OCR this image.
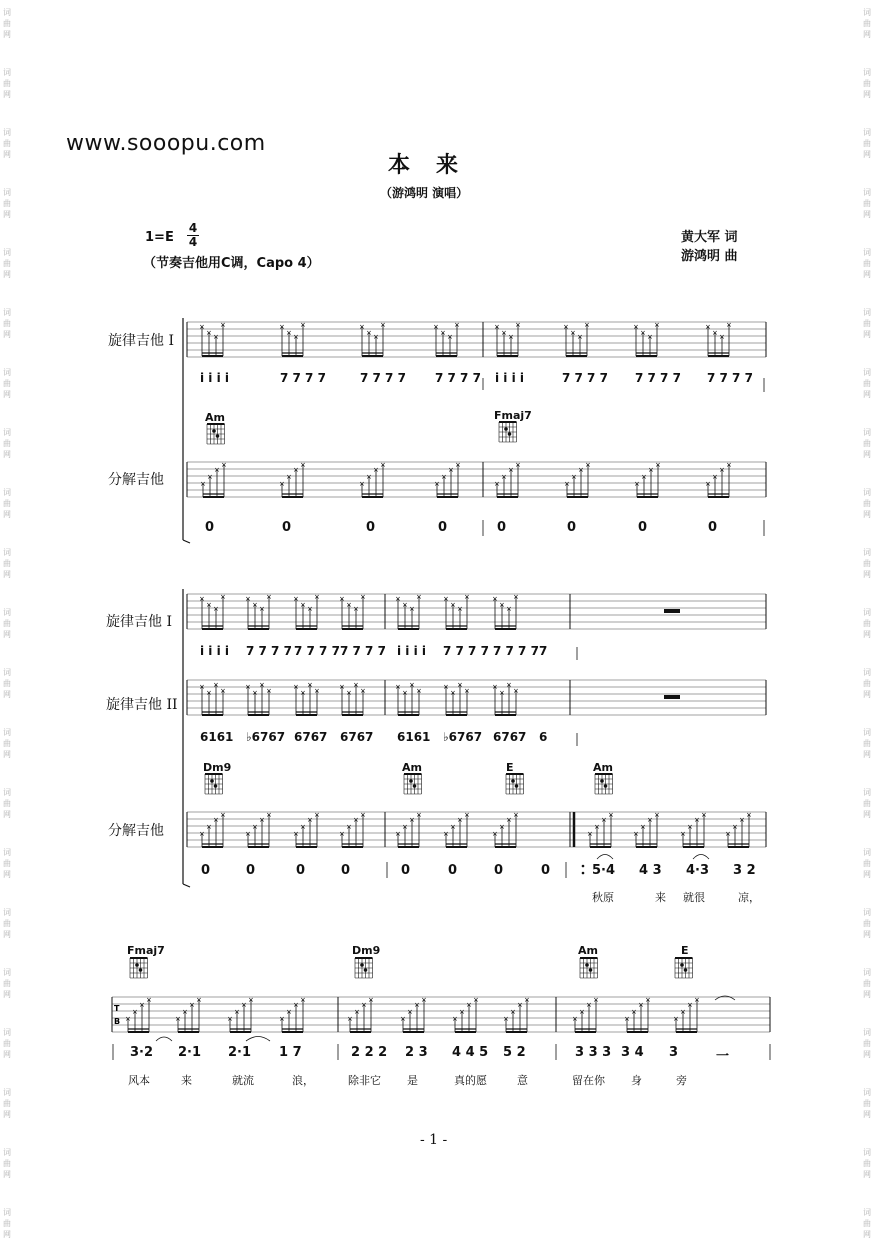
词
曲
网
词
曲
网
词
曲
网
词
曲
网
词
曲
网
词
曲
网
词
曲
网
词
曲
网
词
曲
网
词
曲
网
词
曲
网
词
曲
网
词
曲
网
词
曲
网
词
曲
网
词
曲
网
词
曲
网
词
曲
网
词
曲
网
词
曲
网
词
曲
网
词
曲
网
词
曲
网
词
曲
网
词
曲
网
词
曲
网
词
曲
网
词
曲
网
词
曲
网
词
曲
网
词
曲
网
词
曲
网
词
曲
网
词
曲
网
词
曲
网
词
曲
网
词
曲
网
词
曲
网
词
曲
网
词
曲
网
词
曲
网
词
曲
网
www.sooopu.com
本来
（游鸿明 演唱）
1=E
4
4
（节奏吉他用C调，Capo 4）
黄大军 词
游鸿明 曲
旋律吉他 I
分解吉他
旋律吉他 I
旋律吉他 II
分解吉他
Am	Fmaj7
Dm9	Am	E	Am
Fmaj7	Dm9	Am	E
i i i i	7 7 7 7	7 7 7 7 7 7 7 7 i i i i	7 7 7 7 7 7 7 7 7 7 7 7
0	0	0	0	0	0	0	0
i i i i 7 7 7 7 7 7 7 7 7 7 7 7 i i i i 7 7 7 7 7 7 7 7 7
6161 ♭6767 6767 6767 6161 ♭6767 6767 6
0	0	0	0	0	0	0	0	5·4 4 3 4·3 3 2
秋原	来 就很	凉，
3·2 2·1 2·1 1 7	2 2 2 2 3 4 4 5 5 2	3 3 3 3 4 3	一
风本	来	就流	浪，	除非它 是	真的愿	意	留在你 身	旁
- 1 -
×
× ×
×	×
× ×
×	×
× ×
×	×
× ×
×	×
× ×
×	×
× ×
×	×
× ×
×	×
× ×
×
×
×
×
×
×
×
×
×
×
×
×
×
×
×
×
×
×
×
×
×
×
×
×
×
×
×
×
×
×
×
×
×
×
× ×
×	×
× ×
×	×
× ×
×	×
× ×
×	×
× ×
×	×
× ×
×	×
× ×
×
×
×
×
×	×
×
×
×	×
×
×
×	×
×
×
×	×
×
×
×	×
×
×
×	×
×
×
×
×
×
×
×
×
×
×
×
×
×
×
×
×
×
×
×
×
×
×
×
×
×
×
×
×
×
×
×
×
×
×
×
×
×
×
×
×
×
×
×
×
×
×
×
T
B ×
×
×
×
×
×
×
×
×
×
×
×
×
×
×
×
×
×
×
×
×
×
×
×
×
×
×
×
×
×
×
×
×
×
×
×
×
×
×
×
×
×
×
×
